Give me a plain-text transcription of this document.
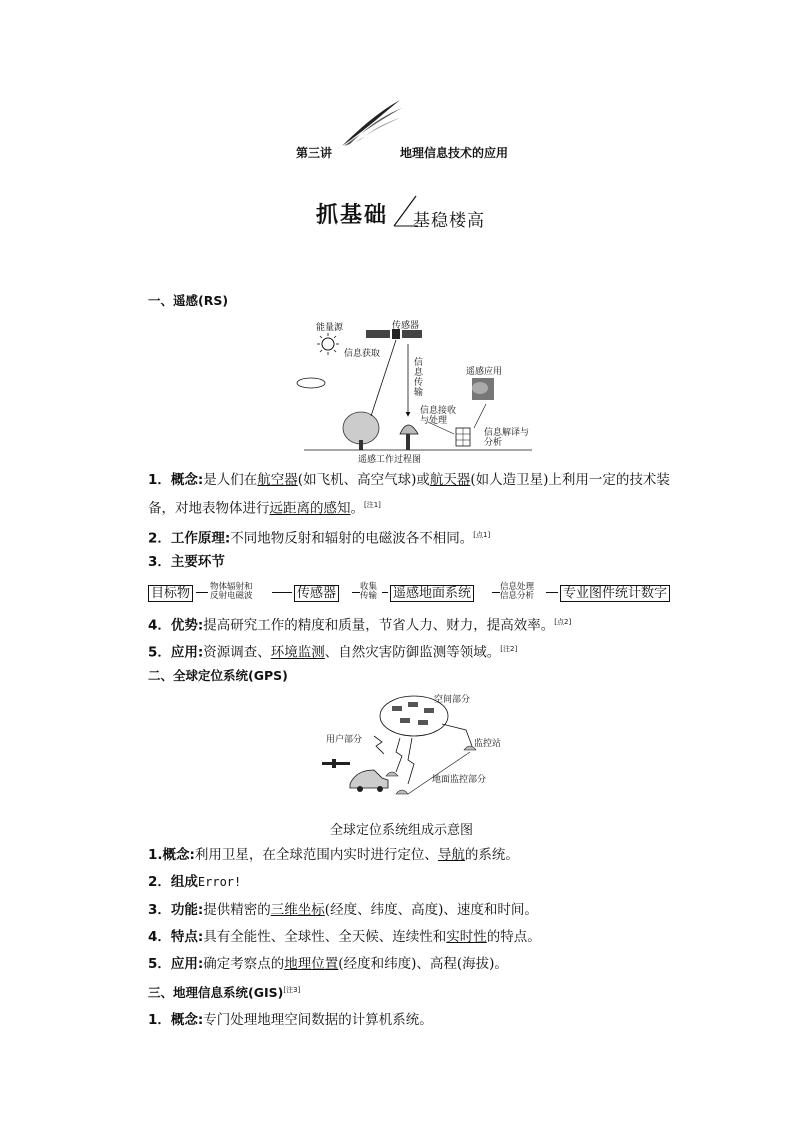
第三讲	地理信息技术的应用
抓基础 基稳楼高
一、遥感(RS)
能量源	传感器
信息获取
信息传输
遥感应用
信息接收与处理
信息解译与分析
遥感工作过程图
1．概念:是人们在航空器(如飞机、高空气球)或航天器(如人造卫星)上利用一定的技术装备，对地表物体进行远距离的感知。[注1]
2．工作原理:不同地物反射和辐射的电磁波各不相同。[点1]
3．主要环节
目标物	物体辐射和
反射电磁波	传感器	收集
传输 遥感地面系统	信息处理
信息分析 专业图件统计数字
4．优势:提高研究工作的精度和质量，节省人力、财力，提高效率。[点2]
5．应用:资源调查、环境监测、自然灾害防御监测等领域。[注2]
二、全球定位系统(GPS)
空间部分
用户部分	监控站
地面监控部分
全球定位系统组成示意图
1.概念:利用卫星，在全球范围内实时进行定位、导航的系统。
2．组成Error!
3．功能:提供精密的三维坐标(经度、纬度、高度)、速度和时间。
4．特点:具有全能性、全球性、全天候、连续性和实时性的特点。
5．应用:确定考察点的地理位置(经度和纬度)、高程(海拔)。
三、地理信息系统(GIS)[注3]
1．概念:专门处理地理空间数据的计算机系统。
